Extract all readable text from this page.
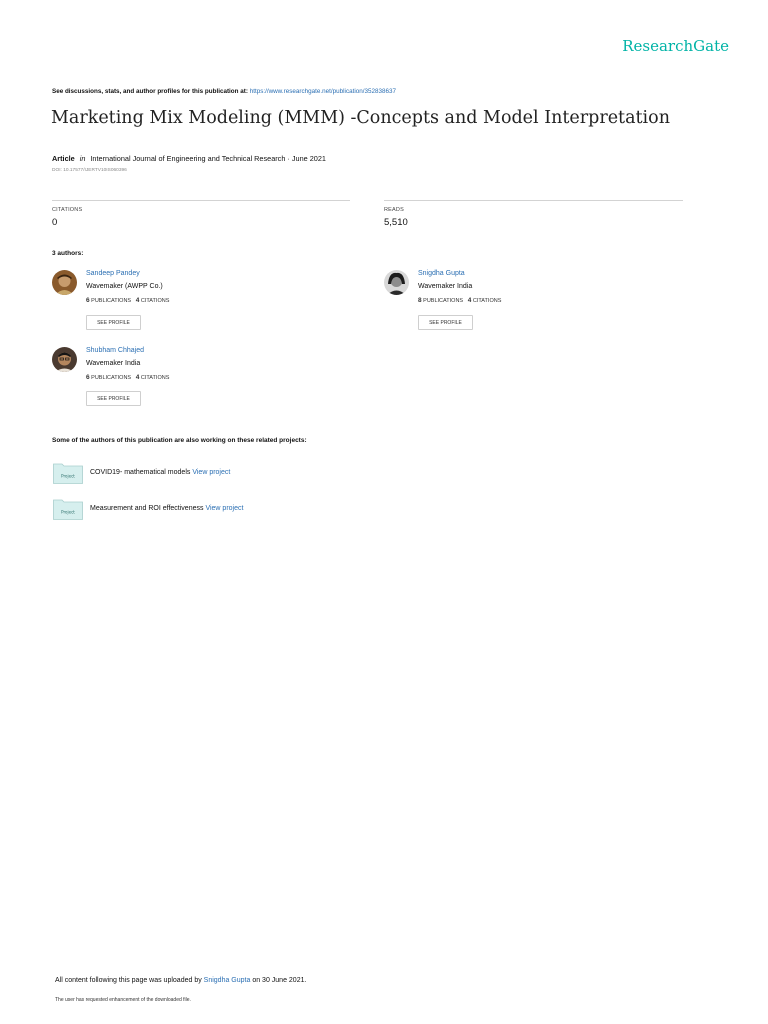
ResearchGate
See discussions, stats, and author profiles for this publication at: https://www.researchgate.net/publication/352838637
Marketing Mix Modeling (MMM) -Concepts and Model Interpretation
Article in International Journal of Engineering and Technical Research · June 2021
DOI: 10.17577/IJERTV10IS060396
CITATIONS
0
READS
5,510
3 authors:
Sandeep Pandey
Wavemaker (AWPP Co.)
6 PUBLICATIONS 4 CITATIONS
SEE PROFILE
Snigdha Gupta
Wavemaker India
8 PUBLICATIONS 4 CITATIONS
SEE PROFILE
Shubham Chhajed
Wavemaker India
6 PUBLICATIONS 4 CITATIONS
SEE PROFILE
Some of the authors of this publication are also working on these related projects:
Project COVID19- mathematical models View project
Project Measurement and ROI effectiveness View project
All content following this page was uploaded by Snigdha Gupta on 30 June 2021.
The user has requested enhancement of the downloaded file.
